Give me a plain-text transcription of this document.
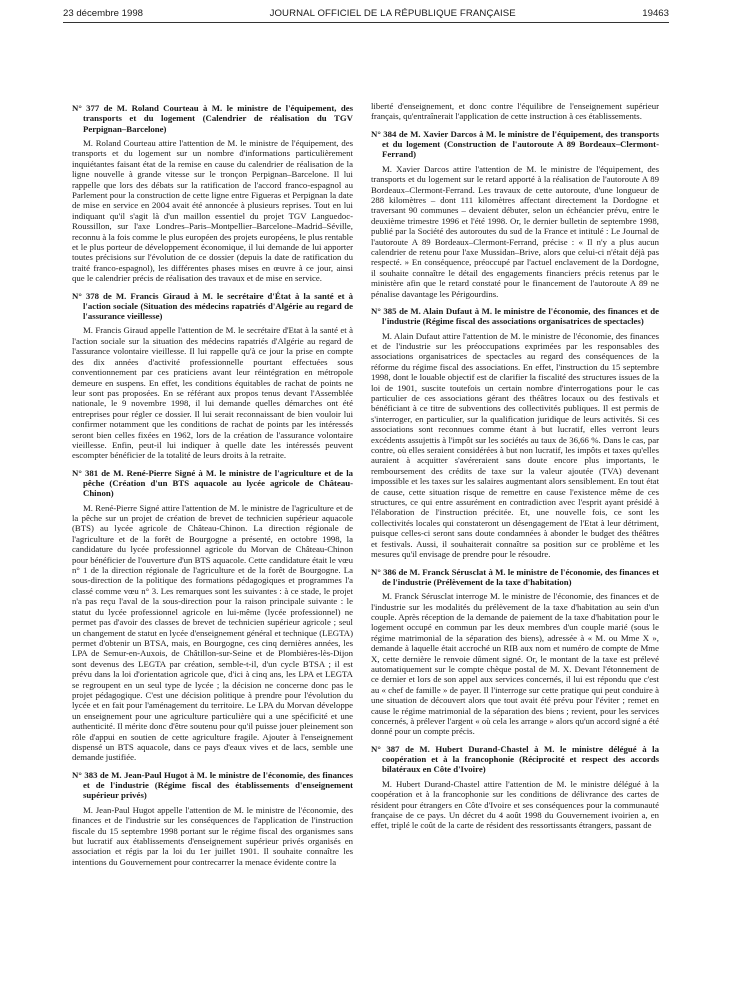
23 décembre 1998	JOURNAL OFFICIEL DE LA RÉPUBLIQUE FRANÇAISE	19463

N° 377 de M. Roland Courteau à M. le ministre de l'équipement, des transports et du logement (Calendrier de réalisation du TGV Perpignan–Barcelone)

M. Roland Courteau attire l'attention de M. le ministre de l'équipement, des transports et du logement sur un nombre d'informations particulièrement inquiétantes faisant état de la remise en cause du calendrier de réalisation de la ligne nouvelle à grande vitesse sur le tronçon Perpignan–Barcelone. Il lui rappelle que lors des débats sur la ratification de l'accord franco-espagnol au Parlement pour la construction de cette ligne entre Figueras et Perpignan la date de mise en service en 2004 avait été annoncée à plusieurs reprises. Tout en lui indiquant qu'il s'agit là d'un maillon essentiel du projet TGV Languedoc-Roussillon, sur l'axe Londres–Paris–Montpellier–Barcelone–Madrid–Séville, reconnu à la fois comme le plus européen des projets européens, le plus rentable et le plus porteur de développement économique, il lui demande de lui apporter toutes précisions sur l'évolution de ce dossier (depuis la date de ratification du traité franco-espagnol), les différentes phases mises en œuvre à ce jour, ainsi que le calendrier précis de réalisation des travaux et de mise en service.

N° 378 de M. Francis Giraud à M. le secrétaire d'État à la santé et à l'action sociale (Situation des médecins rapatriés d'Algérie au regard de l'assurance vieillesse)

M. Francis Giraud appelle l'attention de M. le secrétaire d'Etat à la santé et à l'action sociale sur la situation des médecins rapatriés d'Algérie au regard de l'assurance volontaire vieillesse. Il lui rappelle qu'à ce jour la prise en compte des dix années d'activité professionnelle pourtant effectuées sous conventionnement par ces praticiens avant leur réintégration en métropole demeure en suspens. En effet, les conditions équitables de rachat de points ne leur sont pas proposées. En se référant aux propos tenus devant l'Assemblée nationale, le 9 novembre 1998, il lui demande quelles démarches ont été entreprises pour régler ce dossier. Il lui serait reconnaissant de bien vouloir lui confirmer notamment que les conditions de rachat de points par les intéressés seront bien celles fixées en 1962, lors de la création de l'assurance volontaire vieillesse. Enfin, peut-il lui indiquer à quelle date les intéressés peuvent escompter bénéficier de la totalité de leurs droits à la retraite.

N° 381 de M. René-Pierre Signé à M. le ministre de l'agriculture et de la pêche (Création d'un BTS aquacole au lycée agricole de Château-Chinon)

M. René-Pierre Signé attire l'attention de M. le ministre de l'agriculture et de la pêche sur un projet de création de brevet de technicien supérieur aquacole (BTS) au lycée agricole de Château-Chinon. La direction régionale de l'agriculture et de la forêt de Bourgogne a présenté, en octobre 1998, la candidature du lycée professionnel agricole du Morvan de Château-Chinon pour bénéficier de l'ouverture d'un BTS aquacole. Cette candidature était le vœu n° 1 de la direction régionale de l'agriculture et de la forêt de Bourgogne. La sous-direction de la politique des formations pédagogiques et programmes l'a classé comme vœu n° 3. Les remarques sont les suivantes : à ce stade, le projet n'a pas reçu l'aval de la sous-direction pour la raison principale suivante : le statut du lycée professionnel agricole en lui-même (lycée professionnel) ne permet pas d'avoir des classes de brevet de technicien supérieur agricole ; seul un changement de statut en lycée d'enseignement général et technique (LEGTA) permet d'obtenir un BTSA, mais, en Bourgogne, ces cinq dernières années, les LPA de Semur-en-Auxois, de Châtillon-sur-Seine et de Plombières-lès-Dijon sont devenus des LEGTA par création, semble-t-il, d'un cycle BTSA ; il est prévu dans la loi d'orientation agricole que, d'ici à cinq ans, les LPA et LEGTA se regroupent en un seul type de lycée ; la décision ne concerne donc pas le projet pédagogique. C'est une décision politique à prendre pour l'évolution du lycée et en fait pour l'aménagement du territoire. Le LPA du Morvan développe un enseignement pour une agriculture particulière qui a une spécificité et une authenticité. Il mérite donc d'être soutenu pour qu'il puisse jouer pleinement son rôle d'appui en soutien de cette agriculture fragile. Ajouter à l'enseignement dispensé un BTS aquacole, dans ce pays d'eaux vives et de lacs, semble une demande justifiée.

N° 383 de M. Jean-Paul Hugot à M. le ministre de l'économie, des finances et de l'industrie (Régime fiscal des établissements d'enseignement supérieur privés)

M. Jean-Paul Hugot appelle l'attention de M. le ministre de l'économie, des finances et de l'industrie sur les conséquences de l'application de l'instruction fiscale du 15 septembre 1998 portant sur le régime fiscal des organismes sans but lucratif aux établissements d'enseignement supérieur privés organisés en association et régis par la loi du 1er juillet 1901. Il souhaite connaître les intentions du Gouvernement pour contrecarrer la menace évidente contre la

liberté d'enseignement, et donc contre l'équilibre de l'enseignement supérieur français, qu'entraînerait l'application de cette instruction à ces établissements.

N° 384 de M. Xavier Darcos à M. le ministre de l'équipement, des transports et du logement (Construction de l'autoroute A 89 Bordeaux–Clermont-Ferrand)

M. Xavier Darcos attire l'attention de M. le ministre de l'équipement, des transports et du logement sur le retard apporté à la réalisation de l'autoroute A 89 Bordeaux–Clermont-Ferrand. Les travaux de cette autoroute, d'une longueur de 288 kilomètres – dont 111 kilomètres affectant directement la Dordogne et traversant 90 communes – devaient débuter, selon un échéancier prévu, entre le deuxième trimestre 1996 et l'été 1998. Or, le dernier bulletin de septembre 1998, publié par la Société des autoroutes du sud de la France et intitulé : Le Journal de l'autoroute A 89 Bordeaux–Clermont-Ferrand, précise : « Il n'y a plus aucun calendrier de retenu pour l'axe Mussidan–Brive, alors que celui-ci n'était déjà pas respecté. » En conséquence, préoccupé par l'actuel enclavement de la Dordogne, il souhaite connaître le détail des engagements financiers précis retenus par le ministère afin que le retard constaté pour le financement de l'autoroute A 89 ne pénalise davantage les Périgourdins.

N° 385 de M. Alain Dufaut à M. le ministre de l'économie, des finances et de l'industrie (Régime fiscal des associations organisatrices de spectacles)

M. Alain Dufaut attire l'attention de M. le ministre de l'économie, des finances et de l'industrie sur les préoccupations exprimées par les responsables des associations organisatrices de spectacles au regard des conséquences de la réforme du régime fiscal des associations. En effet, l'instruction du 15 septembre 1998, dont le louable objectif est de clarifier la fiscalité des structures issues de la loi de 1901, suscite toutefois un certain nombre d'interrogations pour le cas particulier de ces associations gérant des théâtres locaux ou des festivals et bénéficiant à ce titre de subventions des collectivités publiques. Il est permis de s'interroger, en particulier, sur la qualification juridique de leurs activités. Si ces associations sont reconnues comme étant à but lucratif, elles verront leurs excédents assujettis à l'impôt sur les sociétés au taux de 36,66 %. Dans le cas, par contre, où elles seraient considérées à but non lucratif, les impôts et taxes qu'elles auraient à acquitter s'avéreraient sans doute encore plus importants, le remboursement des crédits de taxe sur la valeur ajoutée (TVA) devenant impossible et les taxes sur les salaires augmentant alors sensiblement. En tout état de cause, cette situation risque de remettre en cause l'existence même de ces structures, ce qui entre assurément en contradiction avec l'esprit ayant présidé à l'élaboration de l'instruction précitée. Et, une nouvelle fois, ce sont les collectivités locales qui constateront un désengagement de l'Etat à leur détriment, puisque celles-ci seront sans doute condamnées à abonder le budget des théâtres et festivals. Aussi, il souhaiterait connaître sa position sur ce problème et les mesures qu'il envisage de prendre pour le résoudre.

N° 386 de M. Franck Sérusclat à M. le ministre de l'économie, des finances et de l'industrie (Prélèvement de la taxe d'habitation)

M. Franck Sérusclat interroge M. le ministre de l'économie, des finances et de l'industrie sur les modalités du prélèvement de la taxe d'habitation au sein d'un couple. Après réception de la demande de paiement de la taxe d'habitation pour le logement occupé en commun par les deux membres d'un couple marié (sous le régime matrimonial de la séparation des biens), adressée à « M. ou Mme X », demande à laquelle était accroché un RIB aux nom et numéro de compte de Mme X, cette dernière le renvoie dûment signé. Or, le montant de la taxe est prélevé automatiquement sur le compte chèque postal de M. X. Devant l'étonnement de ce dernier et lors de son appel aux services concernés, il lui est répondu que c'est au « chef de famille » de payer. Il l'interroge sur cette pratique qui peut conduire à une situation de découvert alors que tout avait été prévu pour l'éviter ; remet en cause le régime matrimonial de la séparation des biens ; revient, pour les services concernés, à prélever l'argent « où cela les arrange » alors qu'un accord signé a été donné pour un compte précis.

N° 387 de M. Hubert Durand-Chastel à M. le ministre délégué à la coopération et à la francophonie (Réciprocité et respect des accords bilatéraux en Côte d'Ivoire)

M. Hubert Durand-Chastel attire l'attention de M. le ministre délégué à la coopération et à la francophonie sur les conditions de délivrance des cartes de résident pour étrangers en Côte d'Ivoire et ses conséquences pour la communauté française de ce pays. Un décret du 4 août 1998 du Gouvernement ivoirien a, en effet, triplé le coût de la carte de résident des ressortissants étrangers, passant de
